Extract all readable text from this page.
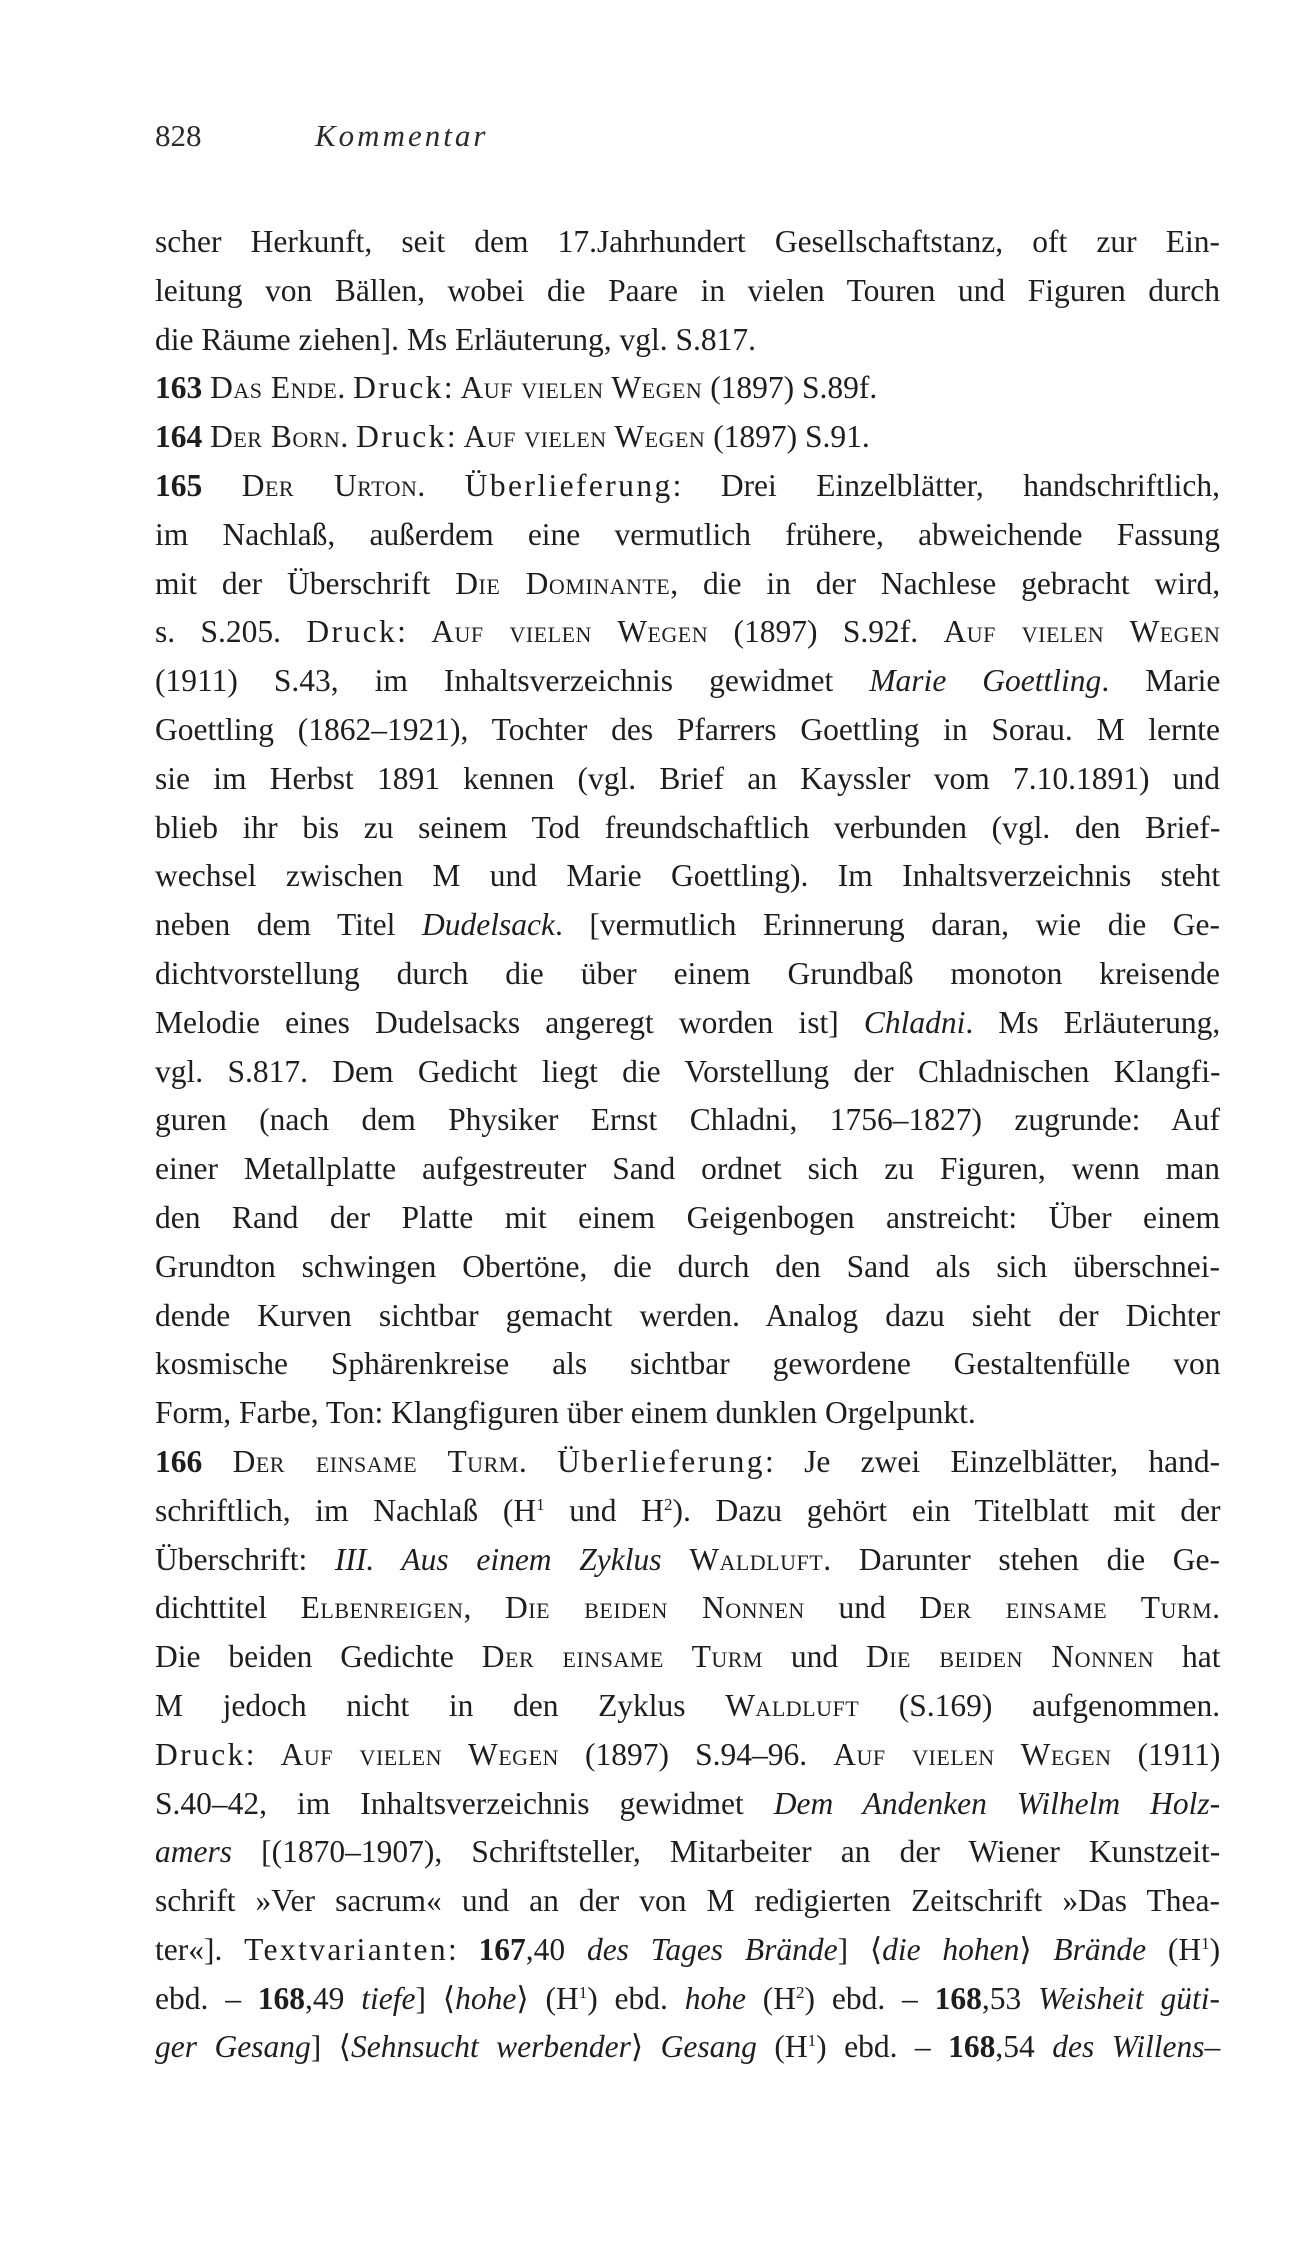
828	Kommentar
scher Herkunft, seit dem 17.Jahrhundert Gesellschaftstanz, oft zur Ein-
leitung von Bällen, wobei die Paare in vielen Touren und Figuren durch
die Räume ziehen]. Ms Erläuterung, vgl. S.817.
163 Das Ende. Druck: Auf vielen Wegen (1897) S.89f.
164 Der Born. Druck: Auf vielen Wegen (1897) S.91.
165 Der Urton. Überlieferung: Drei Einzelblätter, handschriftlich,
im Nachlaß, außerdem eine vermutlich frühere, abweichende Fassung
mit der Überschrift Die Dominante, die in der Nachlese gebracht wird,
s. S.205. Druck: Auf vielen Wegen (1897) S.92f. Auf vielen Wegen
(1911) S.43, im Inhaltsverzeichnis gewidmet Marie Goettling. Marie
Goettling (1862–1921), Tochter des Pfarrers Goettling in Sorau. M lernte
sie im Herbst 1891 kennen (vgl. Brief an Kayssler vom 7.10.1891) und
blieb ihr bis zu seinem Tod freundschaftlich verbunden (vgl. den Brief-
wechsel zwischen M und Marie Goettling). Im Inhaltsverzeichnis steht
neben dem Titel Dudelsack. [vermutlich Erinnerung daran, wie die Ge-
dichtvorstellung durch die über einem Grundbaß monoton kreisende
Melodie eines Dudelsacks angeregt worden ist] Chladni. Ms Erläuterung,
vgl. S.817. Dem Gedicht liegt die Vorstellung der Chladnischen Klangfi-
guren (nach dem Physiker Ernst Chladni, 1756–1827) zugrunde: Auf
einer Metallplatte aufgestreuter Sand ordnet sich zu Figuren, wenn man
den Rand der Platte mit einem Geigenbogen anstreicht: Über einem
Grundton schwingen Obertöne, die durch den Sand als sich überschnei-
dende Kurven sichtbar gemacht werden. Analog dazu sieht der Dichter
kosmische Sphärenkreise als sichtbar gewordene Gestaltenfülle von
Form, Farbe, Ton: Klangfiguren über einem dunklen Orgelpunkt.
166 Der einsame Turm. Überlieferung: Je zwei Einzelblätter, hand-
schriftlich, im Nachlaß ($H^1$ und $H^2$). Dazu gehört ein Titelblatt mit der
Überschrift: III. Aus einem Zyklus Waldluft. Darunter stehen die Ge-
dichttitel Elbenreigen, Die beiden Nonnen und Der einsame Turm.
Die beiden Gedichte Der einsame Turm und Die beiden Nonnen hat
M jedoch nicht in den Zyklus Waldluft (S.169) aufgenommen.
Druck: Auf vielen Wegen (1897) S.94–96. Auf vielen Wegen (1911)
S.40–42, im Inhaltsverzeichnis gewidmet Dem Andenken Wilhelm Holz-
amers [(1870–1907), Schriftsteller, Mitarbeiter an der Wiener Kunstzeit-
schrift »Ver sacrum« und an der von M redigierten Zeitschrift »Das Thea-
ter«]. Textvarianten: 167,40 des Tages Brände] ⟨die hohen⟩ Brände $(H^1)$
ebd. – 168,49 tiefe] ⟨hohe⟩ $(H^1)$ ebd. hohe $(H^2)$ ebd. – 168,53 Weisheit güti-
ger Gesang] ⟨Sehnsucht werbender⟩ Gesang $(H^1)$ ebd. – 168,54 des Willens–
